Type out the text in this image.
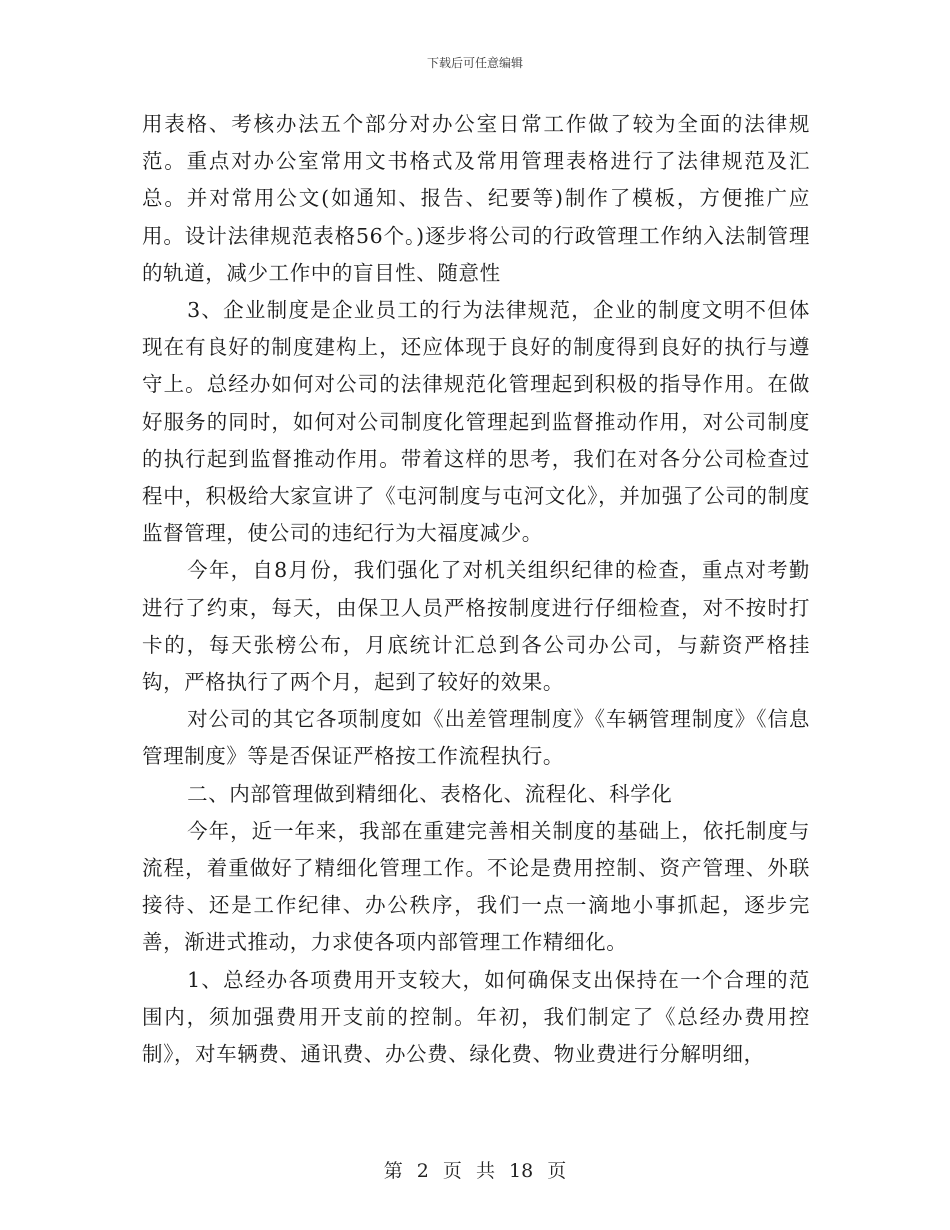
下载后可任意编辑

用表格、考核办法五个部分对办公室日常工作做了较为全面的法律规范。重点对办公室常用文书格式及常用管理表格进行了法律规范及汇总。并对常用公文(如通知、报告、纪要等)制作了模板，方便推广应用。设计法律规范表格56个。)逐步将公司的行政管理工作纳入法制管理的轨道，减少工作中的盲目性、随意性

3、企业制度是企业员工的行为法律规范，企业的制度文明不但体现在有良好的制度建构上，还应体现于良好的制度得到良好的执行与遵守上。总经办如何对公司的法律规范化管理起到积极的指导作用。在做好服务的同时，如何对公司制度化管理起到监督推动作用，对公司制度的执行起到监督推动作用。带着这样的思考，我们在对各分公司检查过程中，积极给大家宣讲了《屯河制度与屯河文化》，并加强了公司的制度监督管理，使公司的违纪行为大福度减少。

今年，自8月份，我们强化了对机关组织纪律的检查，重点对考勤进行了约束，每天，由保卫人员严格按制度进行仔细检查，对不按时打卡的，每天张榜公布，月底统计汇总到各公司办公司，与薪资严格挂钩，严格执行了两个月，起到了较好的效果。

对公司的其它各项制度如《出差管理制度》《车辆管理制度》《信息管理制度》等是否保证严格按工作流程执行。

二、内部管理做到精细化、表格化、流程化、科学化

今年，近一年来，我部在重建完善相关制度的基础上，依托制度与流程，着重做好了精细化管理工作。不论是费用控制、资产管理、外联接待、还是工作纪律、办公秩序，我们一点一滴地小事抓起，逐步完善，渐进式推动，力求使各项内部管理工作精细化。

1、总经办各项费用开支较大，如何确保支出保持在一个合理的范围内，须加强费用开支前的控制。年初，我们制定了《总经办费用控制》，对车辆费、通讯费、办公费、绿化费、物业费进行分解明细，

第 2 页 共 18 页
